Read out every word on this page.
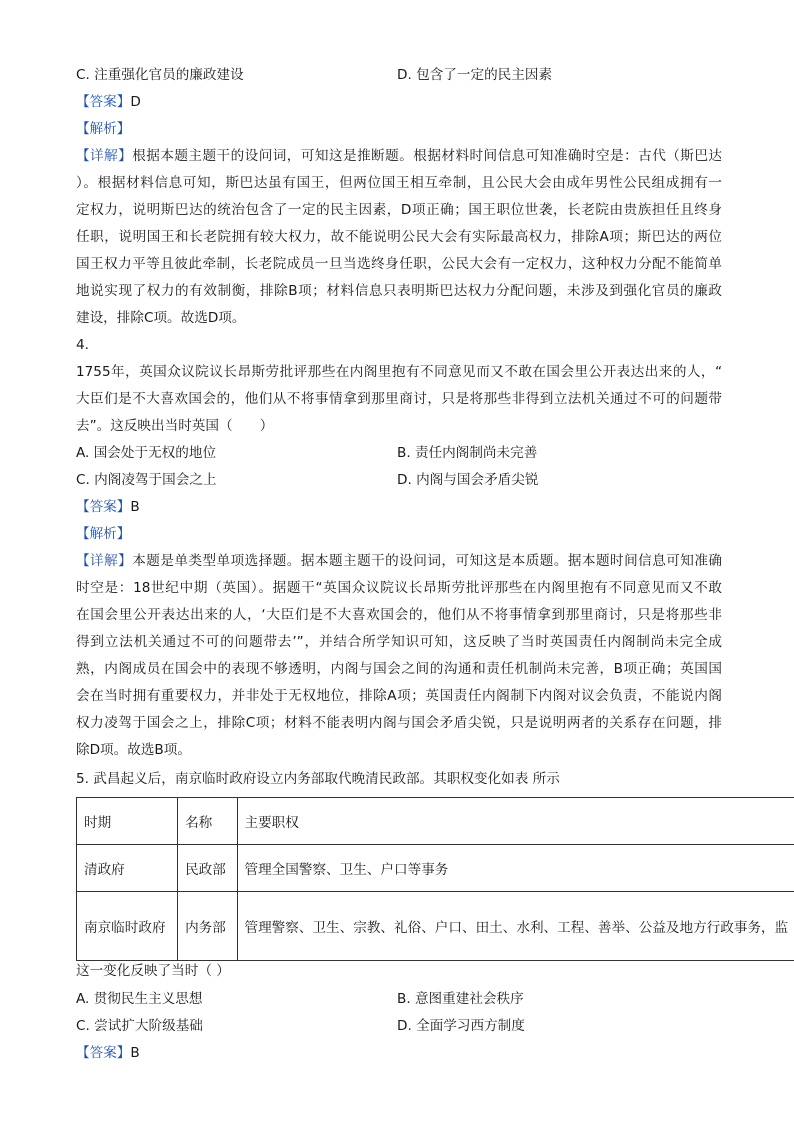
C. 注重强化官员的廉政建设	D. 包含了一定的民主因素
【答案】D
【解析】
【详解】根据本题主题干的设问词，可知这是推断题。根据材料时间信息可知准确时空是：古代（斯巴达
）。根据材料信息可知，斯巴达虽有国王，但两位国王相互牵制，且公民大会由成年男性公民组成拥有一
定权力，说明斯巴达的统治包含了一定的民主因素，D项正确；国王职位世袭，长老院由贵族担任且终身
任职，说明国王和长老院拥有较大权力，故不能说明公民大会有实际最高权力，排除A项；斯巴达的两位
国王权力平等且彼此牵制，长老院成员一旦当选终身任职，公民大会有一定权力，这种权力分配不能简单
地说实现了权力的有效制衡，排除B项；材料信息只表明斯巴达权力分配问题，未涉及到强化官员的廉政
建设，排除C项。故选D项。
4.
1755年，英国众议院议长昂斯劳批评那些在内阁里抱有不同意见而又不敢在国会里公开表达出来的人，“
大臣们是不大喜欢国会的，他们从不将事情拿到那里商讨，只是将那些非得到立法机关通过不可的问题带
去”。这反映出当时英国（　　）
A. 国会处于无权的地位	B. 责任内阁制尚未完善
C. 内阁凌驾于国会之上	D. 内阁与国会矛盾尖锐
【答案】B
【解析】
【详解】本题是单类型单项选择题。据本题主题干的设问词，可知这是本质题。据本题时间信息可知准确
时空是：18世纪中期（英国）。据题干“英国众议院议长昂斯劳批评那些在内阁里抱有不同意见而又不敢
在国会里公开表达出来的人，‘大臣们是不大喜欢国会的，他们从不将事情拿到那里商讨，只是将那些非
得到立法机关通过不可的问题带去’”，并结合所学知识可知，这反映了当时英国责任内阁制尚未完全成
熟，内阁成员在国会中的表现不够透明，内阁与国会之间的沟通和责任机制尚未完善，B项正确；英国国
会在当时拥有重要权力，并非处于无权地位，排除A项；英国责任内阁制下内阁对议会负责，不能说内阁
权力凌驾于国会之上，排除C项；材料不能表明内阁与国会矛盾尖锐，只是说明两者的关系存在问题，排
除D项。故选B项。
5. 武昌起义后，南京临时政府设立内务部取代晚清民政部。其职权变化如表 所示
时期	名称	主要职权
清政府	民政部	管理全国警察、卫生、户口等事务
南京临时政府	内务部	管理警察、卫生、宗教、礼俗、户口、田土、水利、工程、善举、公益及地方行政事务，监
这一变化反映了当时（ ）
A. 贯彻民生主义思想	B. 意图重建社会秩序
C. 尝试扩大阶级基础	D. 全面学习西方制度
【答案】B
